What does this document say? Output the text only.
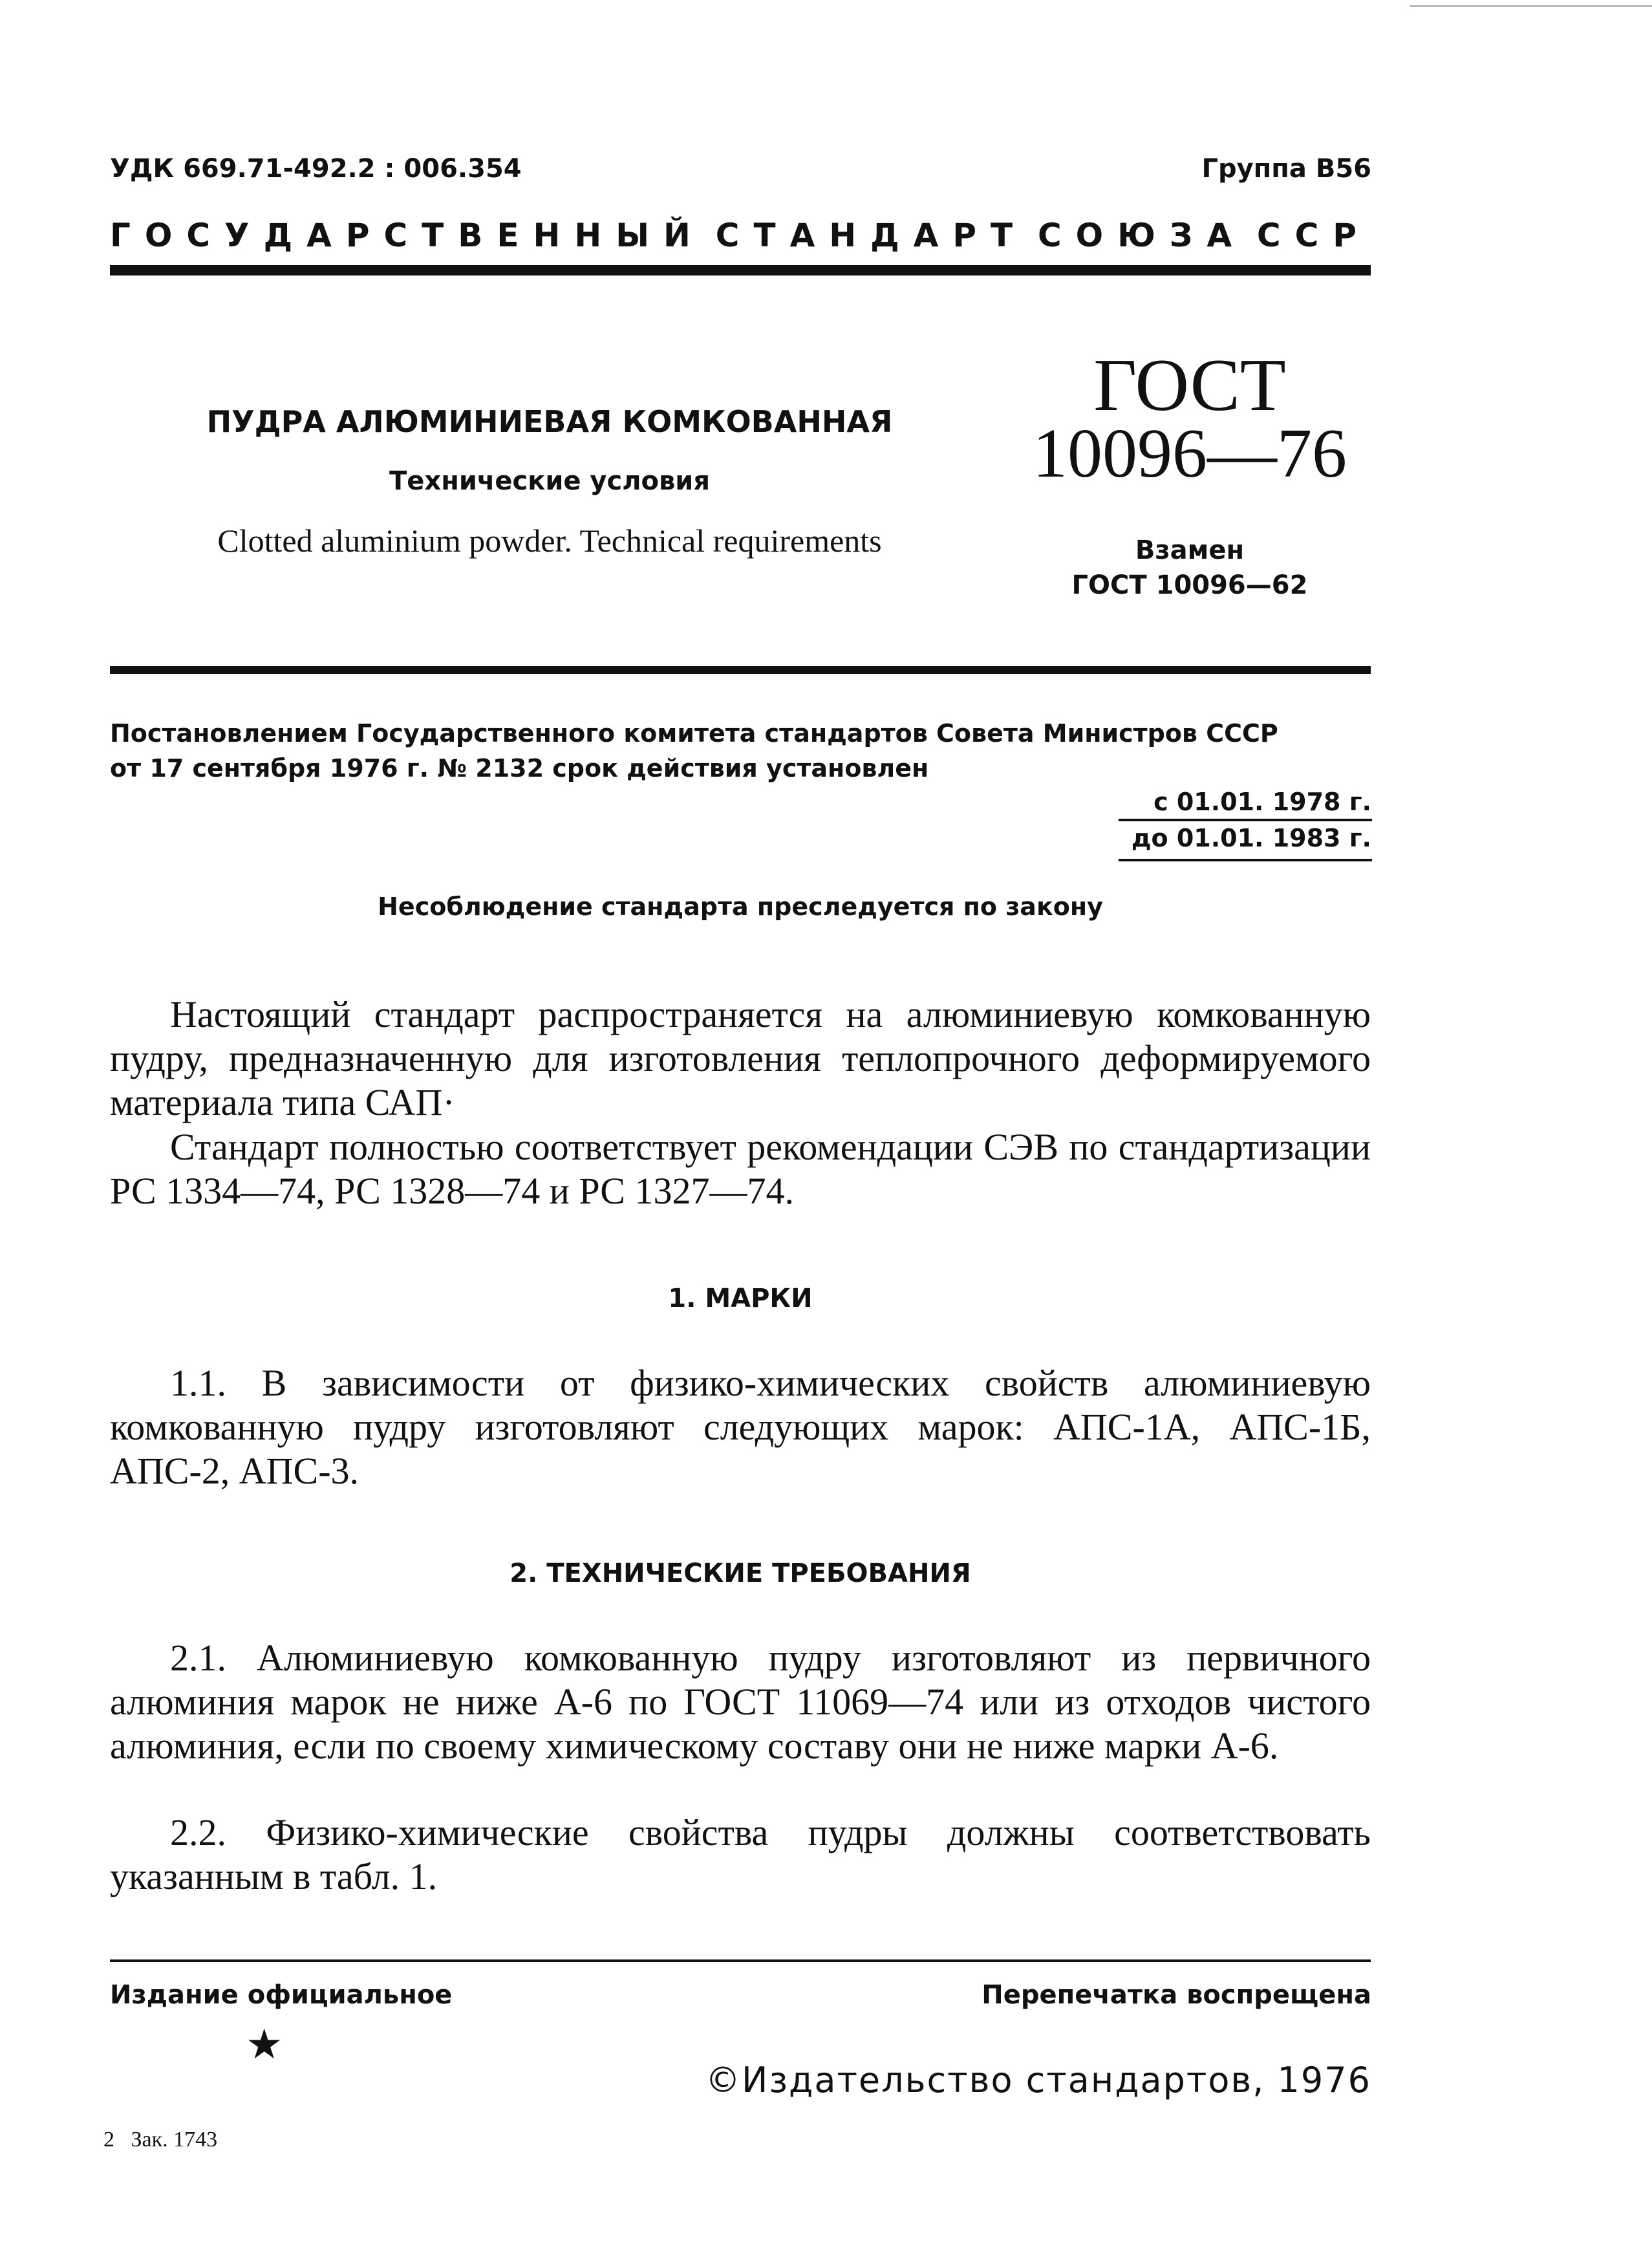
УДК 669.71-492.2 : 006.354	Группа В56
ГОСУДАРСТВЕННЫЙ СТАНДАРТ СОЮЗА ССР
ПУДРА АЛЮМИНИЕВАЯ КОМКОВАННАЯ
Технические условия
Clotted aluminium powder. Technical requirements
ГОСТ
10096—76
Взамен
ГОСТ 10096—62
Постановлением Государственного комитета стандартов Совета Министров СССР
от 17 сентября 1976 г. № 2132 срок действия установлен
с 01.01. 1978 г.
до 01.01. 1983 г.
Несоблюдение стандарта преследуется по закону
Настоящий стандарт распространяется на алюминиевую комкованную пудру, предназначенную для изготовления теплопрочного деформируемого материала типа САП·
Стандарт полностью соответствует рекомендации СЭВ по стандартизации РС 1334—74, РС 1328—74 и РС 1327—74.
1. МАРКИ
1.1. В зависимости от физико-химических свойств алюминиевую комкованную пудру изготовляют следующих марок: АПС-1А, АПС-1Б, АПС-2, АПС-3.
2. ТЕХНИЧЕСКИЕ ТРЕБОВАНИЯ
2.1. Алюминиевую комкованную пудру изготовляют из первичного алюминия марок не ниже А-6 по ГОСТ 11069—74 или из отходов чистого алюминия, если по своему химическому составу они не ниже марки А-6.
2.2. Физико-химические свойства пудры должны соответствовать указанным в табл. 1.
Издание официальное	Перепечатка воспрещена
★
©Издательство стандартов, 1976
2   Зак. 1743
